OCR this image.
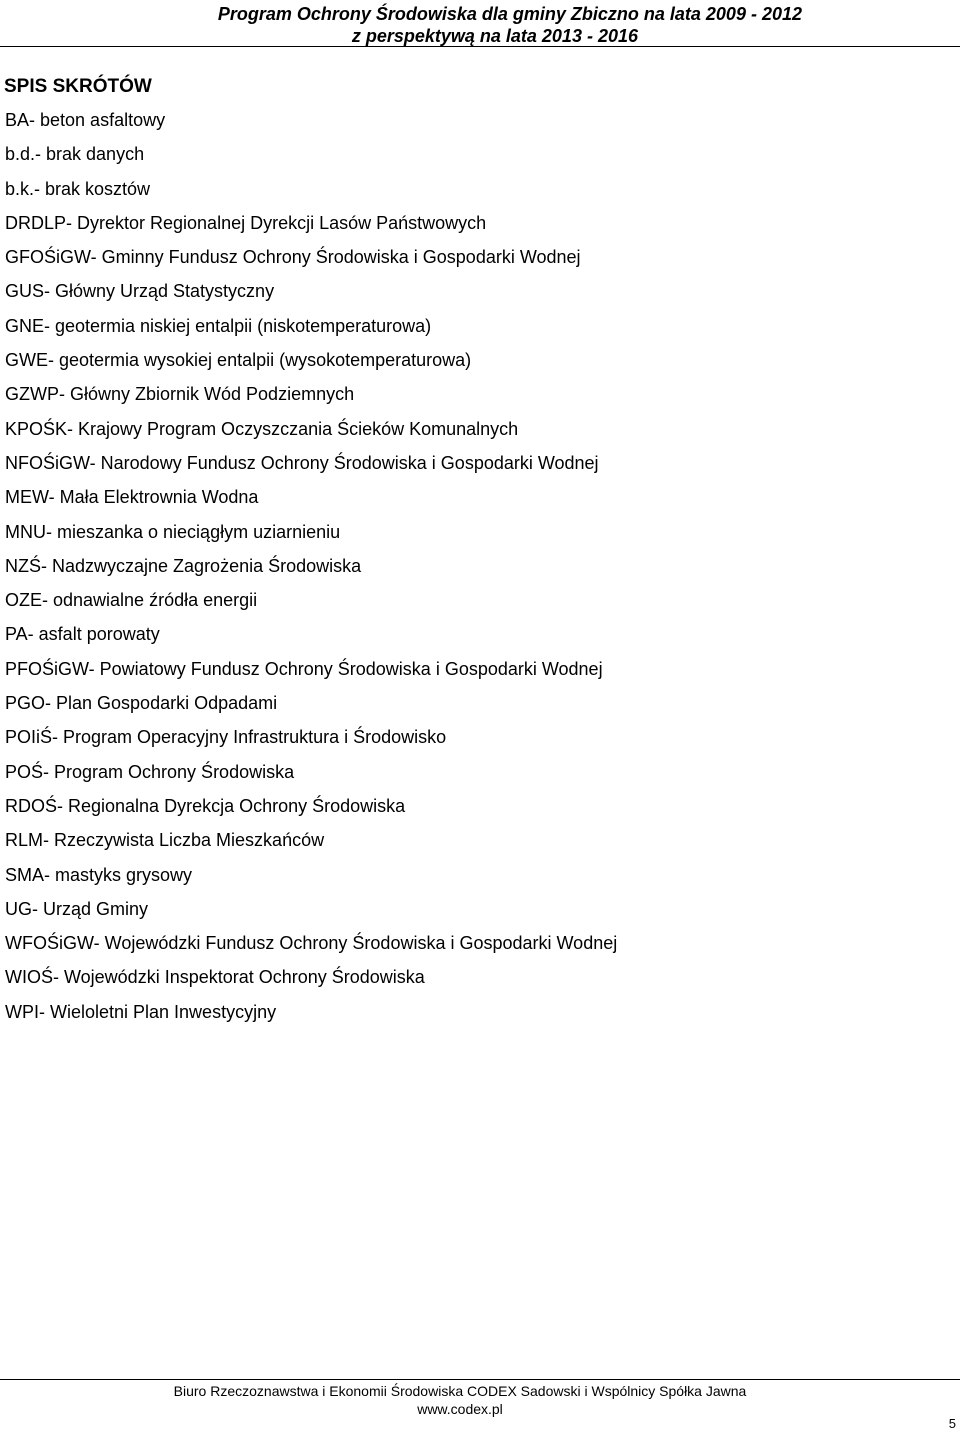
Program Ochrony Środowiska dla gminy Zbiczno na lata 2009 - 2012
z perspektywą na lata 2013 - 2016
SPIS SKRÓTÓW
BA- beton asfaltowy
b.d.- brak danych
b.k.- brak kosztów
DRDLP- Dyrektor Regionalnej Dyrekcji Lasów Państwowych
GFOŚiGW- Gminny Fundusz Ochrony Środowiska i Gospodarki Wodnej
GUS- Główny Urząd Statystyczny
GNE- geotermia niskiej entalpii (niskotemperaturowa)
GWE- geotermia wysokiej entalpii (wysokotemperaturowa)
GZWP- Główny Zbiornik Wód Podziemnych
KPOŚK- Krajowy Program Oczyszczania Ścieków Komunalnych
NFOŚiGW- Narodowy Fundusz Ochrony Środowiska i Gospodarki Wodnej
MEW- Mała Elektrownia Wodna
MNU- mieszanka o nieciągłym uziarnieniu
NZŚ- Nadzwyczajne Zagrożenia Środowiska
OZE- odnawialne źródła energii
PA- asfalt porowaty
PFOŚiGW- Powiatowy Fundusz Ochrony Środowiska i Gospodarki Wodnej
PGO- Plan Gospodarki Odpadami
POIiŚ- Program Operacyjny Infrastruktura i Środowisko
POŚ- Program Ochrony Środowiska
RDOŚ- Regionalna Dyrekcja Ochrony Środowiska
RLM- Rzeczywista Liczba Mieszkańców
SMA- mastyks grysowy
UG- Urząd Gminy
WFOŚiGW- Wojewódzki Fundusz Ochrony Środowiska i Gospodarki Wodnej
WIOŚ- Wojewódzki Inspektorat Ochrony Środowiska
WPI- Wieloletni Plan Inwestycyjny
Biuro Rzeczoznawstwa i Ekonomii Środowiska CODEX Sadowski i Wspólnicy Spółka Jawna
www.codex.pl
5
